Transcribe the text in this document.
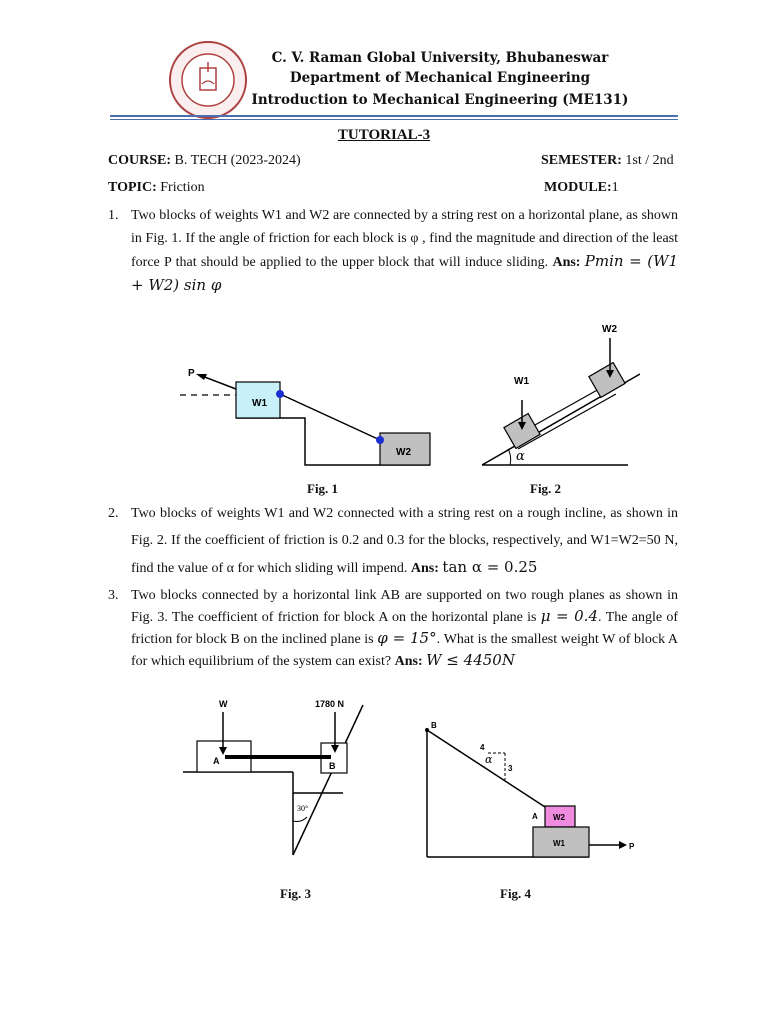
C. V. Raman Global University, Bhubaneswar
Department of Mechanical Engineering
Introduction to Mechanical Engineering (ME131)
TUTORIAL-3
COURSE: B. TECH (2023-2024)	SEMESTER: 1st / 2nd
TOPIC: Friction	MODULE:1
1. Two blocks of weights W1 and W2 are connected by a string rest on a horizontal plane, as shown in Fig. 1. If the angle of friction for each block is φ , find the magnitude and direction of the least force P that should be applied to the upper block that will induce sliding. Ans: Pmin = (W1 + W2) sin φ
W1
W2
P
W1
W2
α
Fig. 1	Fig. 2
2. Two blocks of weights W1 and W2 connected with a string rest on a rough incline, as shown in Fig. 2. If the coefficient of friction is 0.2 and 0.3 for the blocks, respectively, and W1=W2=50 N, find the value of α for which sliding will impend. Ans: tan α = 0.25
3. Two blocks connected by a horizontal link AB are supported on two rough planes as shown in Fig. 3. The coefficient of friction for block A on the horizontal plane is μ = 0.4. The angle of friction for block B on the inclined plane is φ = 15°. What is the smallest weight W of block A for which equilibrium of the system can exist? Ans: W ≤ 4450N
W	1780 N
A	B
30°
B
4
3
α
W2
A
W1	P
Fig. 3	Fig. 4
